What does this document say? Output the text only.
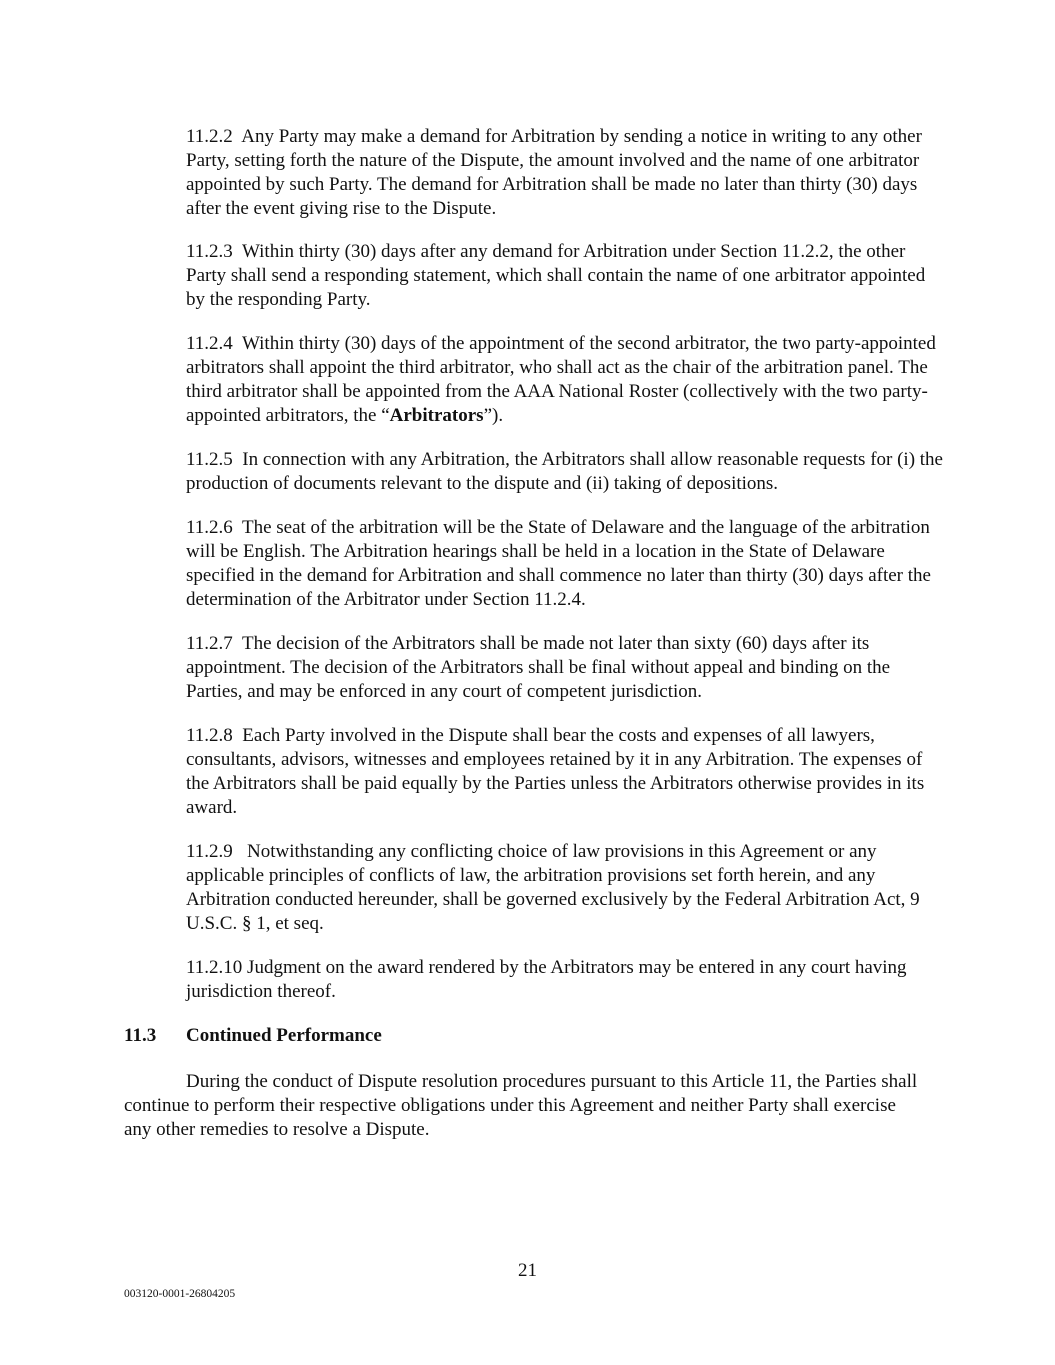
11.2.2 Any Party may make a demand for Arbitration by sending a notice in writing to any other Party, setting forth the nature of the Dispute, the amount involved and the name of one arbitrator appointed by such Party. The demand for Arbitration shall be made no later than thirty (30) days after the event giving rise to the Dispute.

11.2.3 Within thirty (30) days after any demand for Arbitration under Section 11.2.2, the other Party shall send a responding statement, which shall contain the name of one arbitrator appointed by the responding Party.

11.2.4 Within thirty (30) days of the appointment of the second arbitrator, the two party-appointed arbitrators shall appoint the third arbitrator, who shall act as the chair of the arbitration panel. The third arbitrator shall be appointed from the AAA National Roster (collectively with the two party-appointed arbitrators, the “Arbitrators”).

11.2.5 In connection with any Arbitration, the Arbitrators shall allow reasonable requests for (i) the production of documents relevant to the dispute and (ii) taking of depositions.

11.2.6 The seat of the arbitration will be the State of Delaware and the language of the arbitration will be English. The Arbitration hearings shall be held in a location in the State of Delaware specified in the demand for Arbitration and shall commence no later than thirty (30) days after the determination of the Arbitrator under Section 11.2.4.

11.2.7 The decision of the Arbitrators shall be made not later than sixty (60) days after its appointment. The decision of the Arbitrators shall be final without appeal and binding on the Parties, and may be enforced in any court of competent jurisdiction.

11.2.8 Each Party involved in the Dispute shall bear the costs and expenses of all lawyers, consultants, advisors, witnesses and employees retained by it in any Arbitration. The expenses of the Arbitrators shall be paid equally by the Parties unless the Arbitrators otherwise provides in its award.

11.2.9 Notwithstanding any conflicting choice of law provisions in this Agreement or any applicable principles of conflicts of law, the arbitration provisions set forth herein, and any Arbitration conducted hereunder, shall be governed exclusively by the Federal Arbitration Act, 9 U.S.C. § 1, et seq.

11.2.10 Judgment on the award rendered by the Arbitrators may be entered in any court having jurisdiction thereof.

11.3 Continued Performance

During the conduct of Dispute resolution procedures pursuant to this Article 11, the Parties shall continue to perform their respective obligations under this Agreement and neither Party shall exercise any other remedies to resolve a Dispute.

21

003120-0001-26804205
